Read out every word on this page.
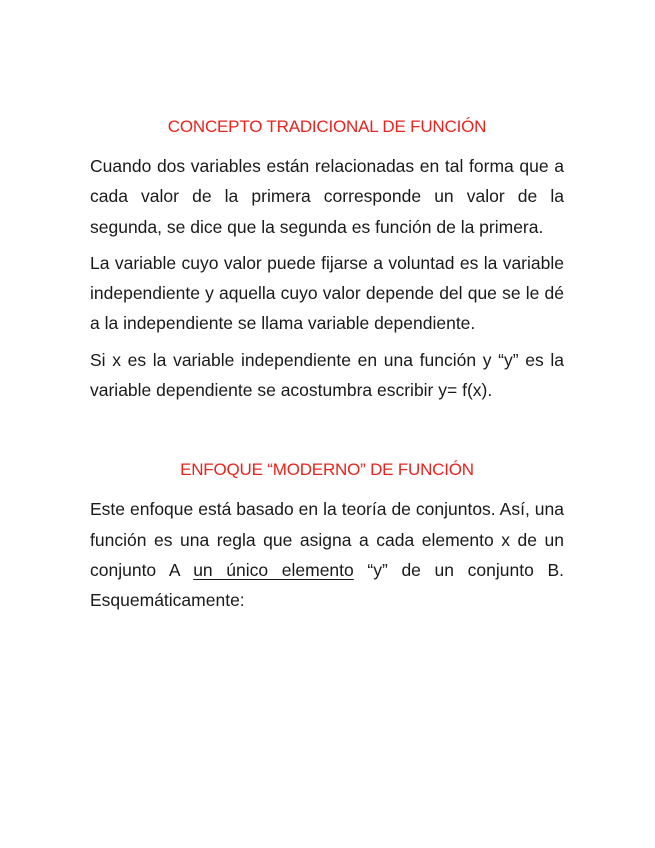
CONCEPTO TRADICIONAL DE FUNCIÓN

Cuando dos variables están relacionadas en tal forma que a cada valor de la primera corresponde un valor de la segunda, se dice que la segunda es función de la primera.

La variable cuyo valor puede fijarse a voluntad es la variable independiente y aquella cuyo valor depende del que se le dé a la independiente se llama variable dependiente.

Si x es la variable independiente en una función y “y” es la variable dependiente se acostumbra escribir y= f(x).

ENFOQUE “MODERNO” DE FUNCIÓN

Este enfoque está basado en la teoría de conjuntos. Así, una función es una regla que asigna a cada elemento x de un conjunto A un único elemento “y” de un conjunto B. Esquemáticamente:
